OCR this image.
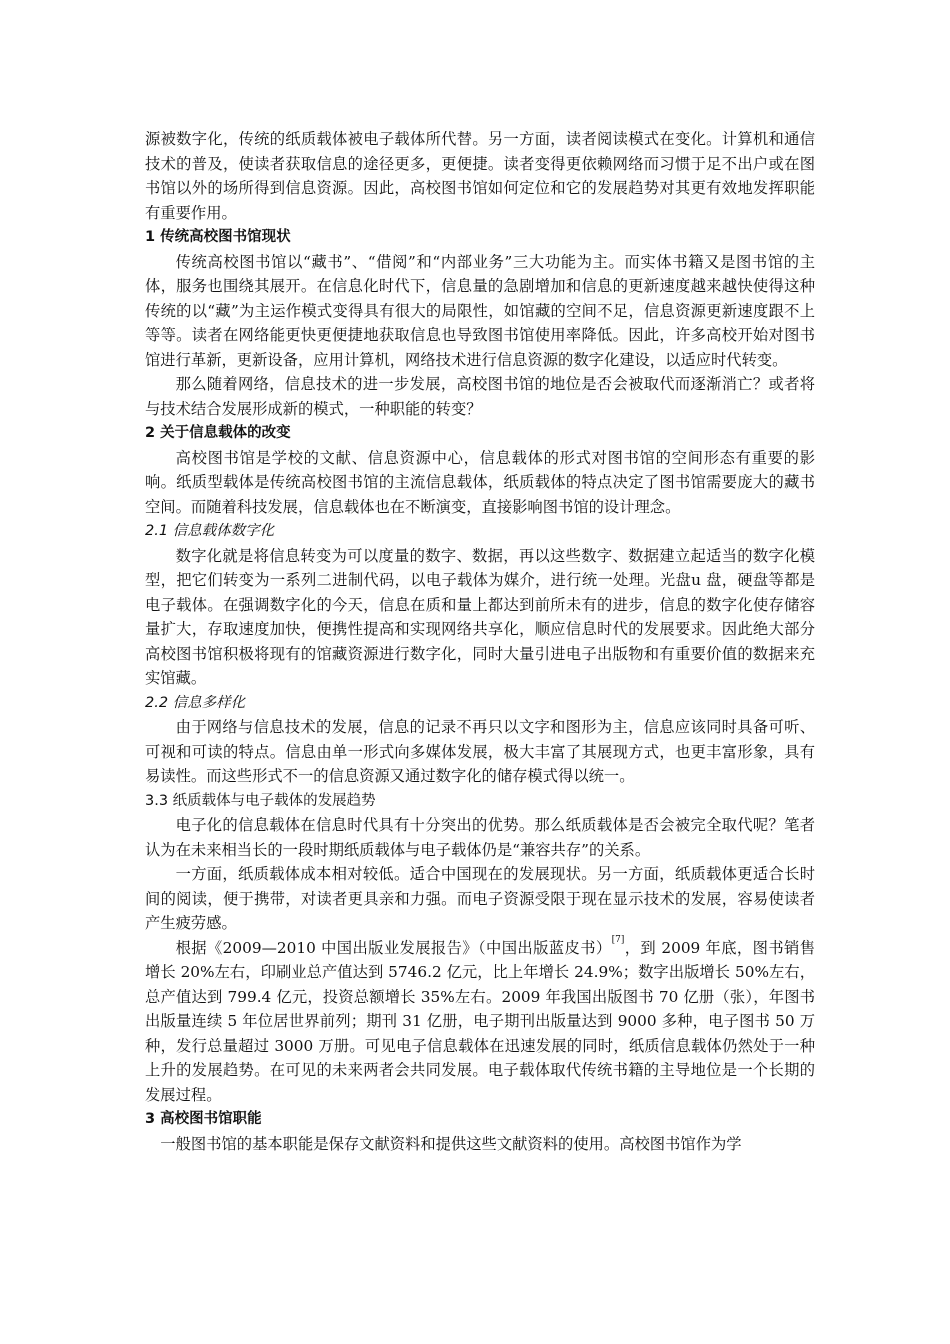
源被数字化，传统的纸质载体被电子载体所代替。另一方面，读者阅读模式在变化。计算机和通信技术的普及，使读者获取信息的途径更多，更便捷。读者变得更依赖网络而习惯于足不出户或在图书馆以外的场所得到信息资源。因此，高校图书馆如何定位和它的发展趋势对其更有效地发挥职能有重要作用。

1 传统高校图书馆现状

传统高校图书馆以“藏书”、“借阅”和“内部业务”三大功能为主。而实体书籍又是图书馆的主体，服务也围绕其展开。在信息化时代下，信息量的急剧增加和信息的更新速度越来越快使得这种传统的以“藏”为主运作模式变得具有很大的局限性，如馆藏的空间不足，信息资源更新速度跟不上等等。读者在网络能更快更便捷地获取信息也导致图书馆使用率降低。因此，许多高校开始对图书馆进行革新，更新设备，应用计算机，网络技术进行信息资源的数字化建设，以适应时代转变。

那么随着网络，信息技术的进一步发展，高校图书馆的地位是否会被取代而逐渐消亡？或者将与技术结合发展形成新的模式，一种职能的转变？

2 关于信息载体的改变

高校图书馆是学校的文献、信息资源中心，信息载体的形式对图书馆的空间形态有重要的影响。纸质型载体是传统高校图书馆的主流信息载体，纸质载体的特点决定了图书馆需要庞大的藏书空间。而随着科技发展，信息载体也在不断演变，直接影响图书馆的设计理念。

2.1 信息载体数字化

数字化就是将信息转变为可以度量的数字、数据，再以这些数字、数据建立起适当的数字化模型，把它们转变为一系列二进制代码，以电子载体为媒介，进行统一处理。光盘u 盘，硬盘等都是电子载体。在强调数字化的今天，信息在质和量上都达到前所未有的进步，信息的数字化使存储容量扩大，存取速度加快，便携性提高和实现网络共享化，顺应信息时代的发展要求。因此绝大部分高校图书馆积极将现有的馆藏资源进行数字化，同时大量引进电子出版物和有重要价值的数据来充实馆藏。

2.2 信息多样化

由于网络与信息技术的发展，信息的记录不再只以文字和图形为主，信息应该同时具备可听、可视和可读的特点。信息由单一形式向多媒体发展，极大丰富了其展现方式，也更丰富形象，具有易读性。而这些形式不一的信息资源又通过数字化的储存模式得以统一。

3.3 纸质载体与电子载体的发展趋势

电子化的信息载体在信息时代具有十分突出的优势。那么纸质载体是否会被完全取代呢？笔者认为在未来相当长的一段时期纸质载体与电子载体仍是“兼容共存”的关系。

一方面，纸质载体成本相对较低。适合中国现在的发展现状。另一方面，纸质载体更适合长时间的阅读，便于携带，对读者更具亲和力强。而电子资源受限于现在显示技术的发展，容易使读者产生疲劳感。

根据《2009—2010 中国出版业发展报告》（中国出版蓝皮书）[7]，到 2009 年底，图书销售增长 20%左右，印刷业总产值达到 5746.2 亿元，比上年增长 24.9%；数字出版增长 50%左右，总产值达到 799.4 亿元，投资总额增长 35%左右。2009 年我国出版图书 70 亿册（张），年图书出版量连续 5 年位居世界前列；期刊 31 亿册，电子期刊出版量达到 9000 多种，电子图书 50 万种，发行总量超过 3000 万册。可见电子信息载体在迅速发展的同时，纸质信息载体仍然处于一种上升的发展趋势。在可见的未来两者会共同发展。电子载体取代传统书籍的主导地位是一个长期的发展过程。

3 高校图书馆职能

一般图书馆的基本职能是保存文献资料和提供这些文献资料的使用。高校图书馆作为学
